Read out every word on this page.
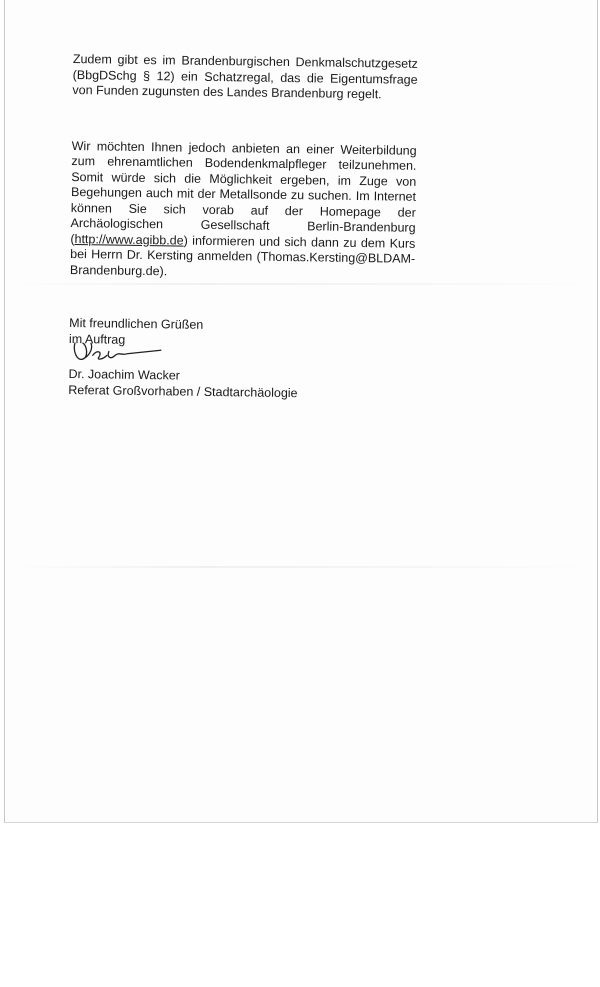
Zudem gibt es im Brandenburgischen Denkmalschutzgesetz (BbgDSchg § 12) ein Schatzregal, das die Eigentumsfrage von Funden zugunsten des Landes Brandenburg regelt.

Wir möchten Ihnen jedoch anbieten an einer Weiterbildung zum ehrenamtlichen Bodendenkmalpfleger teilzunehmen. Somit würde sich die Möglichkeit ergeben, im Zuge von Begehungen auch mit der Metallsonde zu suchen. Im Internet können Sie sich vorab auf der Homepage der Archäologischen Gesellschaft Berlin-Brandenburg (http://www.agibb.de) informieren und sich dann zu dem Kurs bei Herrn Dr. Kersting anmelden (Thomas.Kersting@BLDAM-Brandenburg.de).

Mit freundlichen Grüßen
im Auftrag
Dr. Joachim Wacker
Referat Großvorhaben / Stadtarchäologie
